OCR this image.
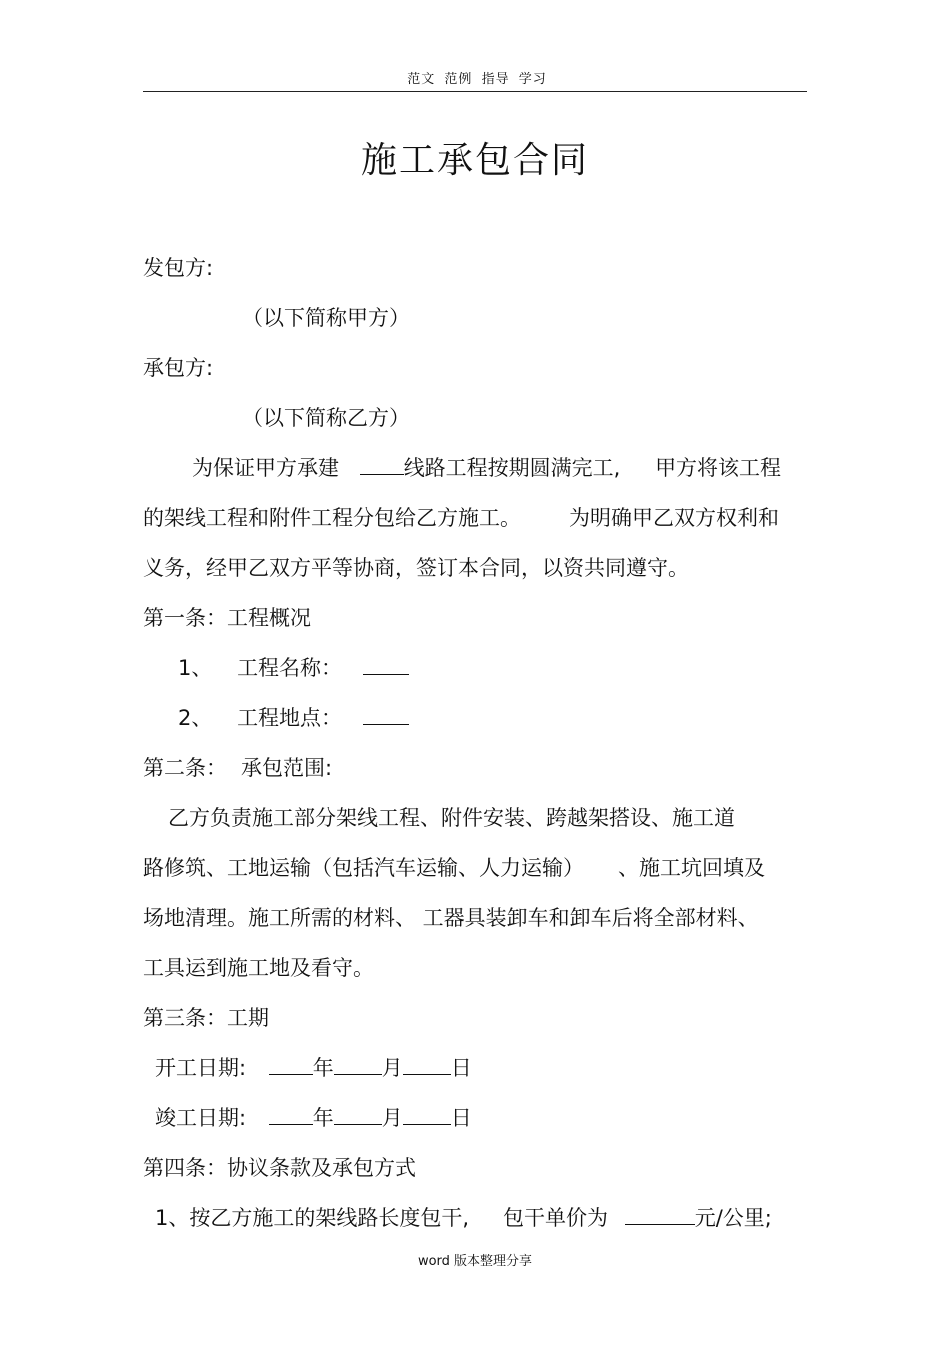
范文 范例 指导 学习
施工承包合同
发包方:
（以下简称甲方）
承包方:
（以下简称乙方）
为保证甲方承建	线路工程按期圆满完工, 甲方将该工程
的架线工程和附件工程分包给乙方施工。 为明确甲乙双方权利和
义务，经甲乙双方平等协商，签订本合同，以资共同遵守。
第一条：工程概况
1、 工程名称：
2、 工程地点：
第二条： 承包范围:
乙方负责施工部分架线工程、附件安装、跨越架搭设、施工道
路修筑、工地运输（包括汽车运输、人力运输） 、施工坑回填及
场地清理。施工所需的材料、 工器具装卸车和卸车后将全部材料、
工具运到施工地及看守。
第三条：工期
开工日期:	年 月 日
竣工日期:	年 月 日
第四条：协议条款及承包方式
1、按乙方施工的架线路长度包干, 包干单价为	元/公里;
word 版本整理分享
